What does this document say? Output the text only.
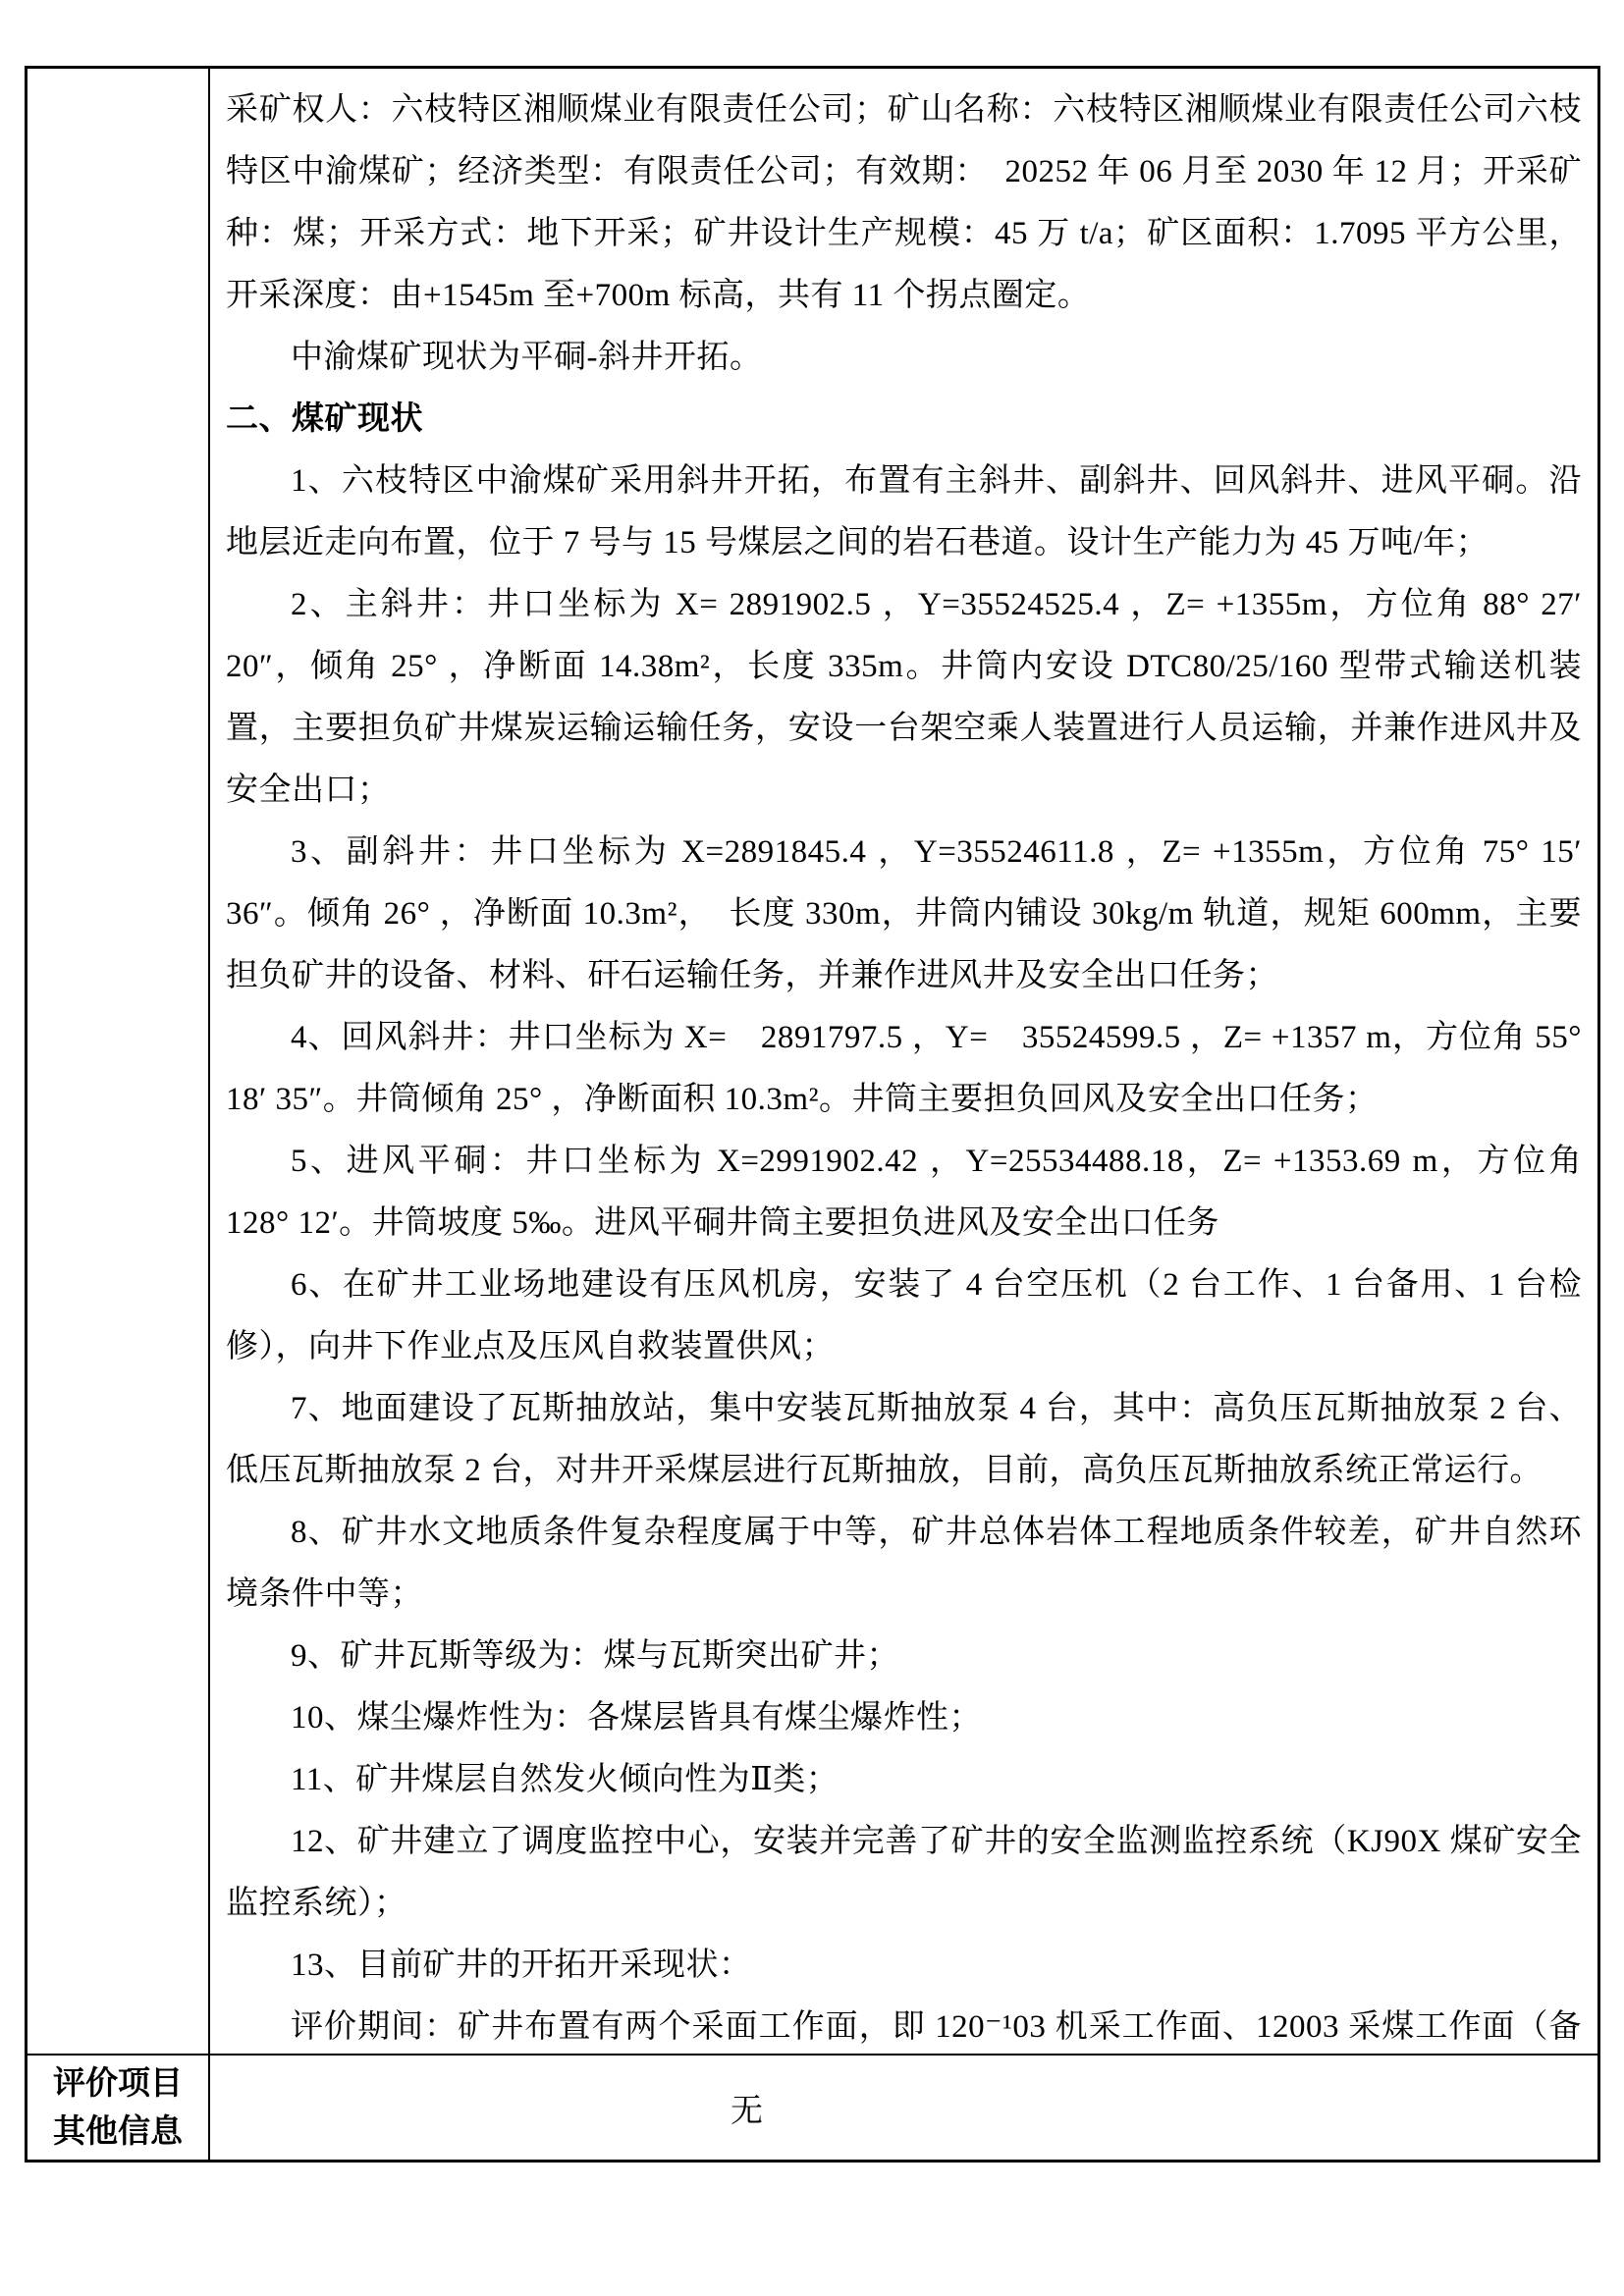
采矿权人：六枝特区湘顺煤业有限责任公司；矿山名称：六枝特区湘顺煤业有限责任公司六枝特区中渝煤矿；经济类型：有限责任公司；有效期：　20252 年 06 月至 2030 年 12 月；开采矿种：煤；开采方式：地下开采；矿井设计生产规模：45 万 t/a；矿区面积：1.7095 平方公里，开采深度：由+1545m 至+700m 标高，共有 11 个拐点圈定。
中渝煤矿现状为平硐-斜井开拓。
二、煤矿现状
1、六枝特区中渝煤矿采用斜井开拓，布置有主斜井、副斜井、回风斜井、进风平硐。沿地层近走向布置，位于 7 号与 15 号煤层之间的岩石巷道。设计生产能力为 45 万吨/年；
2、主斜井：井口坐标为 X= 2891902.5 ，Y=35524525.4 ，Z= +1355m，方位角 88° 27′ 20″，倾角 25° ，净断面 14.38m²，长度 335m。井筒内安设 DTC80/25/160 型带式输送机装置，主要担负矿井煤炭运输运输任务，安设一台架空乘人装置进行人员运输，并兼作进风井及安全出口；
3、副斜井：井口坐标为 X=2891845.4 ，Y=35524611.8 ，Z= +1355m，方位角 75° 15′ 36″。倾角 26° ，净断面 10.3m²，　长度 330m，井筒内铺设 30kg/m 轨道，规矩 600mm，主要担负矿井的设备、材料、矸石运输任务，并兼作进风井及安全出口任务；
4、回风斜井：井口坐标为 X=　2891797.5 ，Y=　35524599.5 ，Z= +1357 m，方位角 55° 18′ 35″。井筒倾角 25° ，净断面积 10.3m²。井筒主要担负回风及安全出口任务；
5、进风平硐：井口坐标为 X=2991902.42 ，Y=25534488.18，Z= +1353.69 m，方位角 128° 12′。井筒坡度 5‰。进风平硐井筒主要担负进风及安全出口任务
6、在矿井工业场地建设有压风机房，安装了 4 台空压机（2 台工作、1 台备用、1 台检修），向井下作业点及压风自救装置供风；
7、地面建设了瓦斯抽放站，集中安装瓦斯抽放泵 4 台，其中：高负压瓦斯抽放泵 2 台、低压瓦斯抽放泵 2 台，对井开采煤层进行瓦斯抽放，目前，高负压瓦斯抽放系统正常运行。
8、矿井水文地质条件复杂程度属于中等，矿井总体岩体工程地质条件较差，矿井自然环境条件中等；
9、矿井瓦斯等级为：煤与瓦斯突出矿井；
10、煤尘爆炸性为：各煤层皆具有煤尘爆炸性；
11、矿井煤层自然发火倾向性为Ⅱ类；
12、矿井建立了调度监控中心，安装并完善了矿井的安全监测监控系统（KJ90X 煤矿安全监控系统）；
13、目前矿井的开拓开采现状：
评价期间：矿井布置有两个采面工作面，即 120⁻¹03 机采工作面、12003 采煤工作面（备
评价项目
其他信息
无
